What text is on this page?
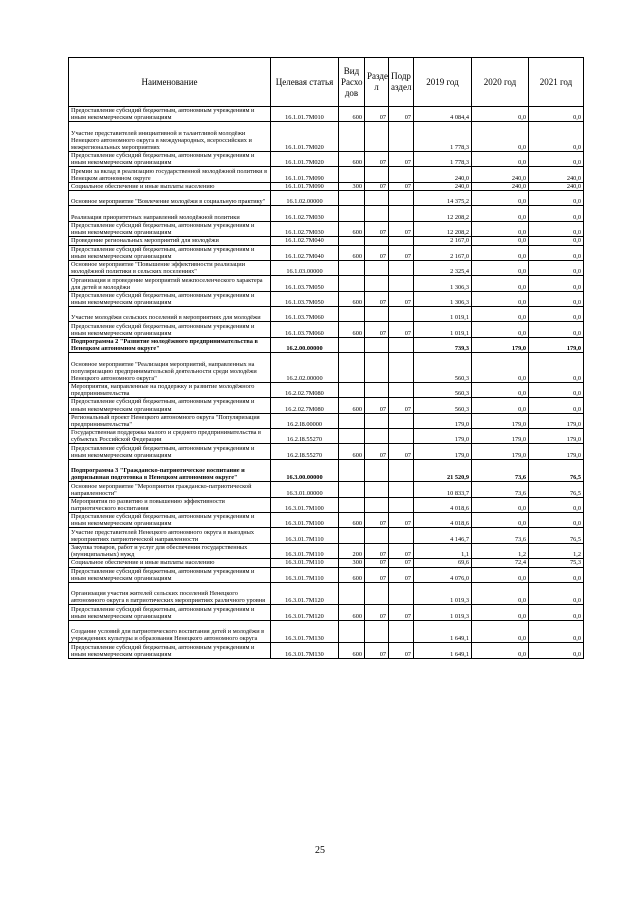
Наименование	Целевая статья	Вид Расхо дов	Разде л	Подр аздел	2019 год	2020 год	2021 год
Предоставление субсидий бюджетным, автономным учреждениям и иным некоммерческим организациям	16.1.01.7M010	600	07	07	4 084,4	0,0	0,0
Участие представителей инициативной и талантливой молодёжи Ненецкого автономного округа в международных, всероссийских и межрегиональных мероприятиях	16.1.01.7M020				1 778,3	0,0	0,0
Предоставление субсидий бюджетным, автономным учреждениям и иным некоммерческим организациям	16.1.01.7M020	600	07	07	1 778,3	0,0	0,0
Премии за вклад в реализацию государственной молодёжной политики в Ненецком автономном округе	16.1.01.7M090				240,0	240,0	240,0
Социальное обеспечение и иные выплаты населению	16.1.01.7M090	300	07	07	240,0	240,0	240,0
Основное мероприятие "Вовлечение молодёжи в социальную практику"	16.1.02.00000				14 375,2	0,0	0,0
Реализация приоритетных направлений молодёжной политики	16.1.02.7M030				12 208,2	0,0	0,0
Предоставление субсидий бюджетным, автономным учреждениям и иным некоммерческим организациям	16.1.02.7M030	600	07	07	12 208,2	0,0	0,0
Проведение региональных мероприятий для молодёжи	16.1.02.7M040				2 167,0	0,0	0,0
Предоставление субсидий бюджетным, автономным учреждениям и иным некоммерческим организациям	16.1.02.7M040	600	07	07	2 167,0	0,0	0,0
Основное мероприятие "Повышение эффективности реализации молодёжной политики в сельских поселениях"	16.1.03.00000				2 325,4	0,0	0,0
Организация и проведение мероприятий межпоселенческого характера для детей и молодёжи	16.1.03.7M050				1 306,3	0,0	0,0
Предоставление субсидий бюджетным, автономным учреждениям и иным некоммерческим организациям	16.1.03.7M050	600	07	07	1 306,3	0,0	0,0
Участие молодёжи сельских поселений в мероприятиях для молодёжи	16.1.03.7M060				1 019,1	0,0	0,0
Предоставление субсидий бюджетным, автономным учреждениям и иным некоммерческим организациям	16.1.03.7M060	600	07	07	1 019,1	0,0	0,0
Подпрограмма 2 "Развитие молодёжного предпринимательства в Ненецком автономном округе"	16.2.00.00000				739,3	179,0	179,0
Основное мероприятие "Реализация мероприятий, направленных на популяризацию предпринимательской деятельности среди молодёжи Ненецкого автономного округа"	16.2.02.00000				560,3	0,0	0,0
Мероприятия, направленные на поддержку и развитие молодёжного предпринимательства	16.2.02.7M080				560,3	0,0	0,0
Предоставление субсидий бюджетным, автономным учреждениям и иным некоммерческим организациям	16.2.02.7M080	600	07	07	560,3	0,0	0,0
Региональный проект Ненецкого автономного округа "Популяризация предпринимательства"	16.2.I8.00000				179,0	179,0	179,0
Государственная поддержка малого и среднего предпринимательства в субъектах Российской Федерации	16.2.I8.55270				179,0	179,0	179,0
Предоставление субсидий бюджетным, автономным учреждениям и иным некоммерческим организациям	16.2.I8.55270	600	07	07	179,0	179,0	179,0
Подпрограмма 3 "Гражданско-патриотическое воспитание и допризывная подготовка в Ненецком автономном округе"	16.3.00.00000				21 520,9	73,6	76,5
Основное мероприятие "Мероприятия гражданско-патриотической направленности"	16.3.01.00000				10 833,7	73,6	76,5
Мероприятия по развитию и повышению эффективности патриотического воспитания	16.3.01.7M100				4 018,6	0,0	0,0
Предоставление субсидий бюджетным, автономным учреждениям и иным некоммерческим организациям	16.3.01.7M100	600	07	07	4 018,6	0,0	0,0
Участие представителей Ненецкого автономного округа в выездных мероприятиях патриотической направленности	16.3.01.7M110				4 146,7	73,6	76,5
Закупка товаров, работ и услуг для обеспечения государственных (муниципальных) нужд	16.3.01.7M110	200	07	07	1,1	1,2	1,2
Социальное обеспечение и иные выплаты населению	16.3.01.7M110	300	07	07	69,6	72,4	75,3
Предоставление субсидий бюджетным, автономным учреждениям и иным некоммерческим организациям	16.3.01.7M110	600	07	07	4 076,0	0,0	0,0
Организация участия жителей сельских поселений Ненецкого автономного округа в патриотических мероприятиях различного уровня	16.3.01.7M120				1 019,3	0,0	0,0
Предоставление субсидий бюджетным, автономным учреждениям и иным некоммерческим организациям	16.3.01.7M120	600	07	07	1 019,3	0,0	0,0
Создание условий для патриотического воспитания детей и молодёжи в учреждениях культуры и образования Ненецкого автономного округа	16.3.01.7M130				1 649,1	0,0	0,0
Предоставление субсидий бюджетным, автономным учреждениям и иным некоммерческим организациям	16.3.01.7M130	600	07	07	1 649,1	0,0	0,0
25
